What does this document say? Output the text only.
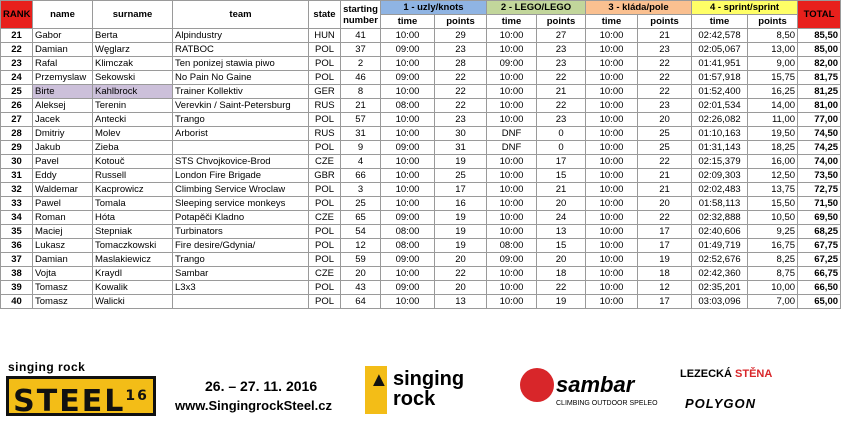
RANK	name	surname	team	state	starting number	1 - uzly/knots		2 - LEGO/LEGO		3 - kláda/pole		4 - sprint/sprint		TOTAL
						time	points	time	points	time	points	time	points	
21	Gabor	Berta	Alpindustry	HUN	41	10:00	29	10:00	27	10:00	21	02:42,578	8,50	85,50
22	Damian	Węglarz	RATBOC	POL	37	09:00	23	10:00	23	10:00	23	02:05,067	13,00	85,00
23	Rafal	Klimczak	Ten ponizej stawia piwo	POL	2	10:00	28	09:00	23	10:00	22	01:41,951	9,00	82,00
24	Przemyslaw	Sekowski	No Pain No Gaine	POL	46	09:00	22	10:00	22	10:00	22	01:57,918	15,75	81,75
25	Birte	Kahlbrock	Trainer Kollektiv	GER	8	10:00	22	10:00	21	10:00	22	01:52,400	16,25	81,25
26	Aleksej	Terenin	Verevkin / Saint-Petersburg	RUS	21	08:00	22	10:00	22	10:00	23	02:01,534	14,00	81,00
27	Jacek	Antecki	Trango	POL	57	10:00	23	10:00	23	10:00	20	02:26,082	11,00	77,00
28	Dmitriy	Molev	Arborist	RUS	31	10:00	30	DNF	0	10:00	25	01:10,163	19,50	74,50
29	Jakub	Zieba		POL	9	09:00	31	DNF	0	10:00	25	01:31,143	18,25	74,25
30	Pavel	Kotouč	STS Chvojkovice-Brod	CZE	4	10:00	19	10:00	17	10:00	22	02:15,379	16,00	74,00
31	Eddy	Russell	London Fire Brigade	GBR	66	10:00	25	10:00	15	10:00	21	02:09,303	12,50	73,50
32	Waldemar	Kacprowicz	Climbing Service Wroclaw	POL	3	10:00	17	10:00	21	10:00	21	02:02,483	13,75	72,75
33	Pawel	Tomala	Sleeping service monkeys	POL	25	10:00	16	10:00	20	10:00	20	01:58,113	15,50	71,50
34	Roman	Hóta	Potapěči Kladno	CZE	65	09:00	19	10:00	24	10:00	22	02:32,888	10,50	69,50
35	Maciej	Stepniak	Turbinators	POL	54	08:00	19	10:00	13	10:00	17	02:40,606	9,25	68,25
36	Lukasz	Tomaczkowski	Fire desire/Gdynia/	POL	12	08:00	19	08:00	15	10:00	17	01:49,719	16,75	67,75
37	Damian	Maslakiewicz	Trango	POL	59	09:00	20	09:00	20	10:00	19	02:52,676	8,25	67,25
38	Vojta	Kraydl	Sambar	CZE	20	10:00	22	10:00	18	10:00	18	02:42,360	8,75	66,75
39	Tomasz	Kowalik	L3x3	POL	43	09:00	20	10:00	22	10:00	12	02:35,201	10,00	66,50
40	Tomasz	Walicki		POL	64	10:00	13	10:00	19	10:00	17	03:03,096	7,00	65,00
singing rock
STEEL$^{16}$
26. – 27. 11. 2016
www.SingingrockSteel.cz
▲ singing
rock
sambar
CLIMBING OUTDOOR SPELEO
LEZECKÁ STĚNA
POLYGON
